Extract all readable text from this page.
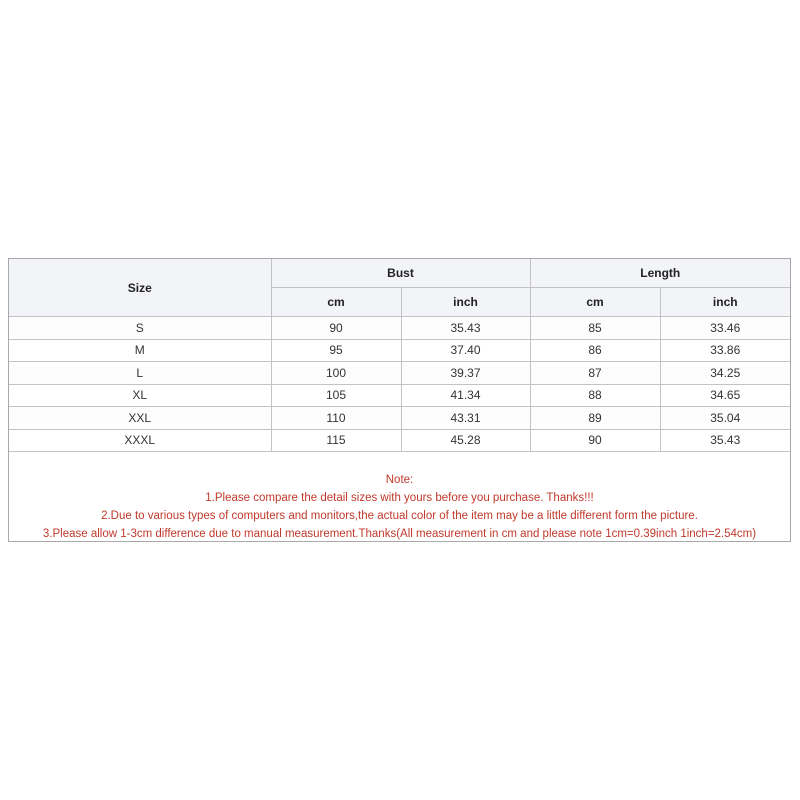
Size	Bust		Length	
	cm	inch	cm	inch
S	90	35.43	85	33.46
M	95	37.40	86	33.86
L	100	39.37	87	34.25
XL	105	41.34	88	34.65
XXL	110	43.31	89	35.04
XXXL	115	45.28	90	35.43
Note:
1.Please compare the detail sizes with yours before you purchase. Thanks!!!
2.Due to various types of computers and monitors,the actual color of the item may be a little different form the picture.
3.Please allow 1-3cm difference due to manual measurement.Thanks(All measurement in cm and please note 1cm=0.39inch 1inch=2.54cm)
